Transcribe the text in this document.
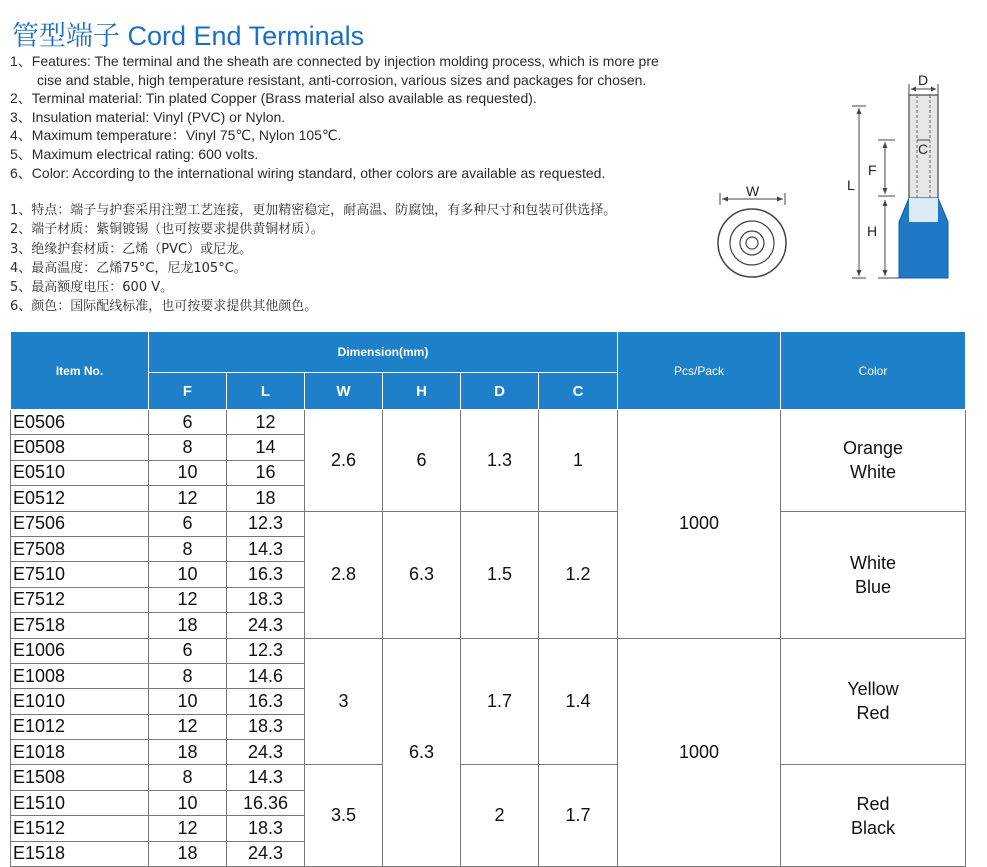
管型端子 Cord End Terminals
1、Features: The terminal and the sheath are connected by injection molding process, which is more pre
cise and stable, high temperature resistant, anti-corrosion, various sizes and packages for chosen.
2、Terminal material: Tin plated Copper (Brass material also available as requested).
3、Insulation material: Vinyl (PVC) or Nylon.
4、Maximum temperature：Vinyl 75℃, Nylon 105℃.
5、Maximum electrical rating: 600 volts.
6、Color: According to the international wiring standard, other colors are available as requested.
1、特点：端子与护套采用注塑工艺连接，更加精密稳定，耐高温、防腐蚀，有多种尺寸和包装可供选择。
2、端子材质：紫铜镀锡（也可按要求提供黄铜材质）。
3、绝缘护套材质：乙烯（PVC）或尼龙。
4、最高温度：乙烯75°C，尼龙105°C。
5、最高额度电压：600 V。
6、颜色：国际配线标准，也可按要求提供其他颜色。
W
D
C
L
F
H
Item No.	Dimension(mm)						Pcs/Pack	Color
	F	L	W	H	D	C		
E0506	6	12	2.6	6	1.3	1	1000	Orange
White
E0508	8	14						
E0510	10	16						
E0512	12	18						
E7506	6	12.3	2.8	6.3	1.5	1.2		White
Blue
E7508	8	14.3						
E7510	10	16.3						
E7512	12	18.3						
E7518	18	24.3						
E1006	6	12.3	3	6.3	1.7	1.4	1000	Yellow
Red
E1008	8	14.6						
E1010	10	16.3						
E1012	12	18.3						
E1018	18	24.3						
E1508	8	14.3	3.5		2	1.7		Red
Black
E1510	10	16.36						
E1512	12	18.3						
E1518	18	24.3						
